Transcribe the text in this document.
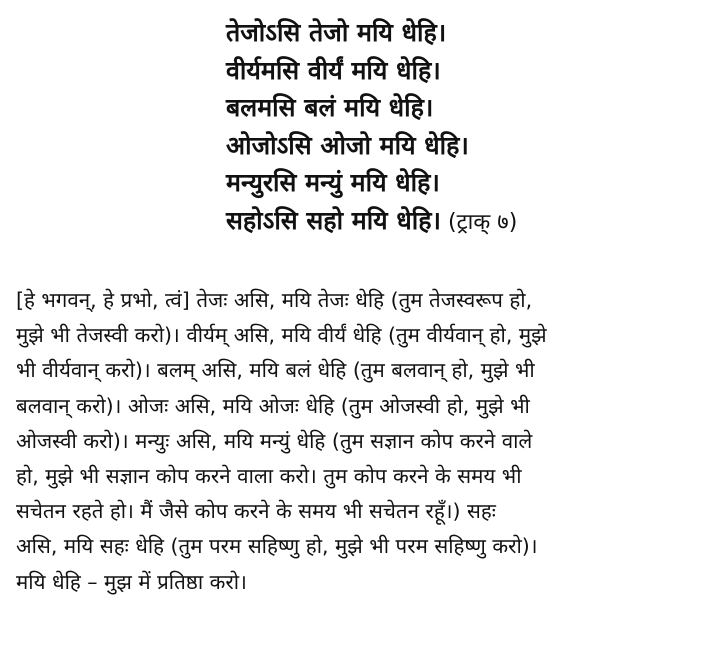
तेजोऽसि तेजो मयि धेहि।
वीर्यमसि वीर्यं मयि धेहि।
बलमसि बलं मयि धेहि।
ओजोऽसि ओजो मयि धेहि।
मन्युरसि मन्युं मयि धेहि।
सहोऽसि सहो मयि धेहि। (ट्राक् ७)
[हे भगवन्, हे प्रभो, त्वं] तेजः असि, मयि तेजः धेहि (तुम तेजस्वरूप हो,
मुझे भी तेजस्वी करो)। वीर्यम् असि, मयि वीर्यं धेहि (तुम वीर्यवान् हो, मुझे
भी वीर्यवान् करो)। बलम् असि, मयि बलं धेहि (तुम बलवान् हो, मुझे भी
बलवान् करो)। ओजः असि, मयि ओजः धेहि (तुम ओजस्वी हो, मुझे भी
ओजस्वी करो)। मन्युः असि, मयि मन्युं धेहि (तुम सज्ञान कोप करने वाले
हो, मुझे भी सज्ञान कोप करने वाला करो। तुम कोप करने के समय भी
सचेतन रहते हो। मैं जैसे कोप करने के समय भी सचेतन रहूँ।) सहः
असि, मयि सहः धेहि (तुम परम सहिष्णु हो, मुझे भी परम सहिष्णु करो)।
मयि धेहि – मुझ में प्रतिष्ठा करो।
